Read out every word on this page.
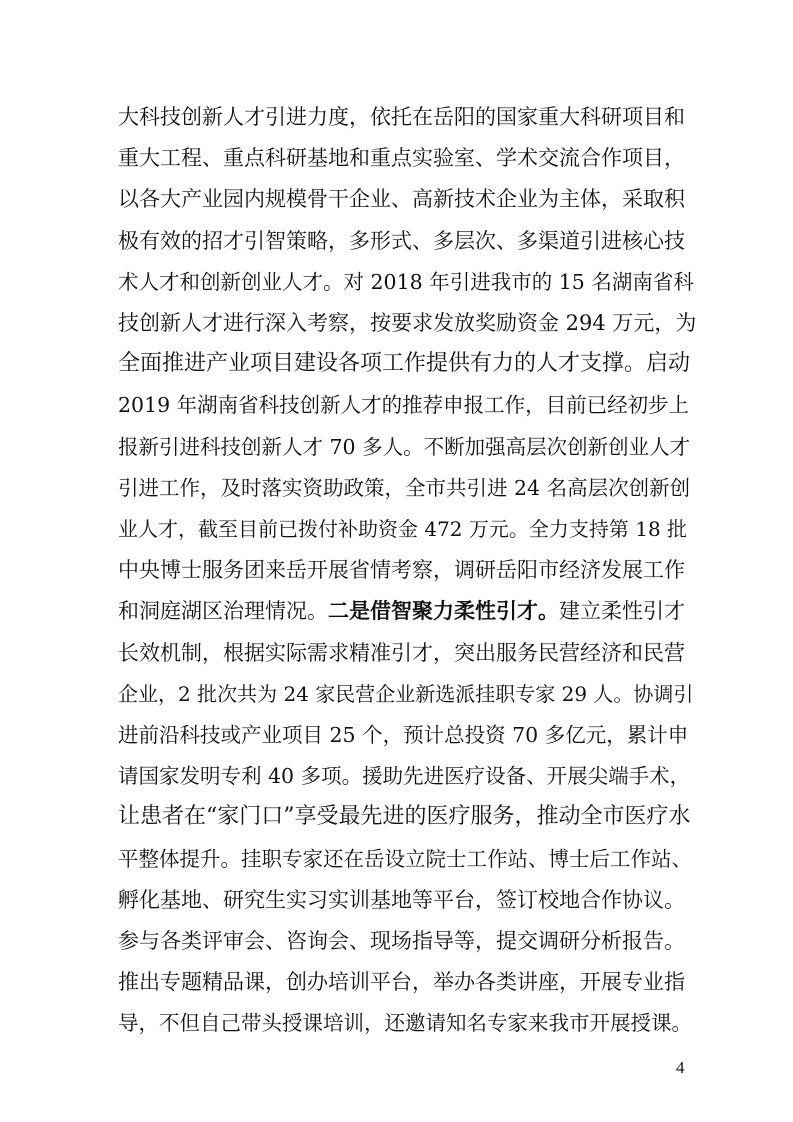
大科技创新人才引进力度，依托在岳阳的国家重大科研项目和
重大工程、重点科研基地和重点实验室、学术交流合作项目，
以各大产业园内规模骨干企业、高新技术企业为主体，采取积
极有效的招才引智策略，多形式、多层次、多渠道引进核心技
术人才和创新创业人才。对 2018 年引进我市的 15 名湖南省科
技创新人才进行深入考察，按要求发放奖励资金 294 万元，为
全面推进产业项目建设各项工作提供有力的人才支撑。启动
2019 年湖南省科技创新人才的推荐申报工作，目前已经初步上
报新引进科技创新人才 70 多人。不断加强高层次创新创业人才
引进工作，及时落实资助政策，全市共引进 24 名高层次创新创
业人才，截至目前已拨付补助资金 472 万元。全力支持第 18 批
中央博士服务团来岳开展省情考察，调研岳阳市经济发展工作
和洞庭湖区治理情况。二是借智聚力柔性引才。建立柔性引才
长效机制，根据实际需求精准引才，突出服务民营经济和民营
企业，2 批次共为 24 家民营企业新选派挂职专家 29 人。协调引
进前沿科技或产业项目 25 个，预计总投资 70 多亿元，累计申
请国家发明专利 40 多项。援助先进医疗设备、开展尖端手术，
让患者在“家门口”享受最先进的医疗服务，推动全市医疗水
平整体提升。挂职专家还在岳设立院士工作站、博士后工作站、
孵化基地、研究生实习实训基地等平台，签订校地合作协议。
参与各类评审会、咨询会、现场指导等，提交调研分析报告。
推出专题精品课，创办培训平台，举办各类讲座，开展专业指
导，不但自己带头授课培训，还邀请知名专家来我市开展授课。
4
